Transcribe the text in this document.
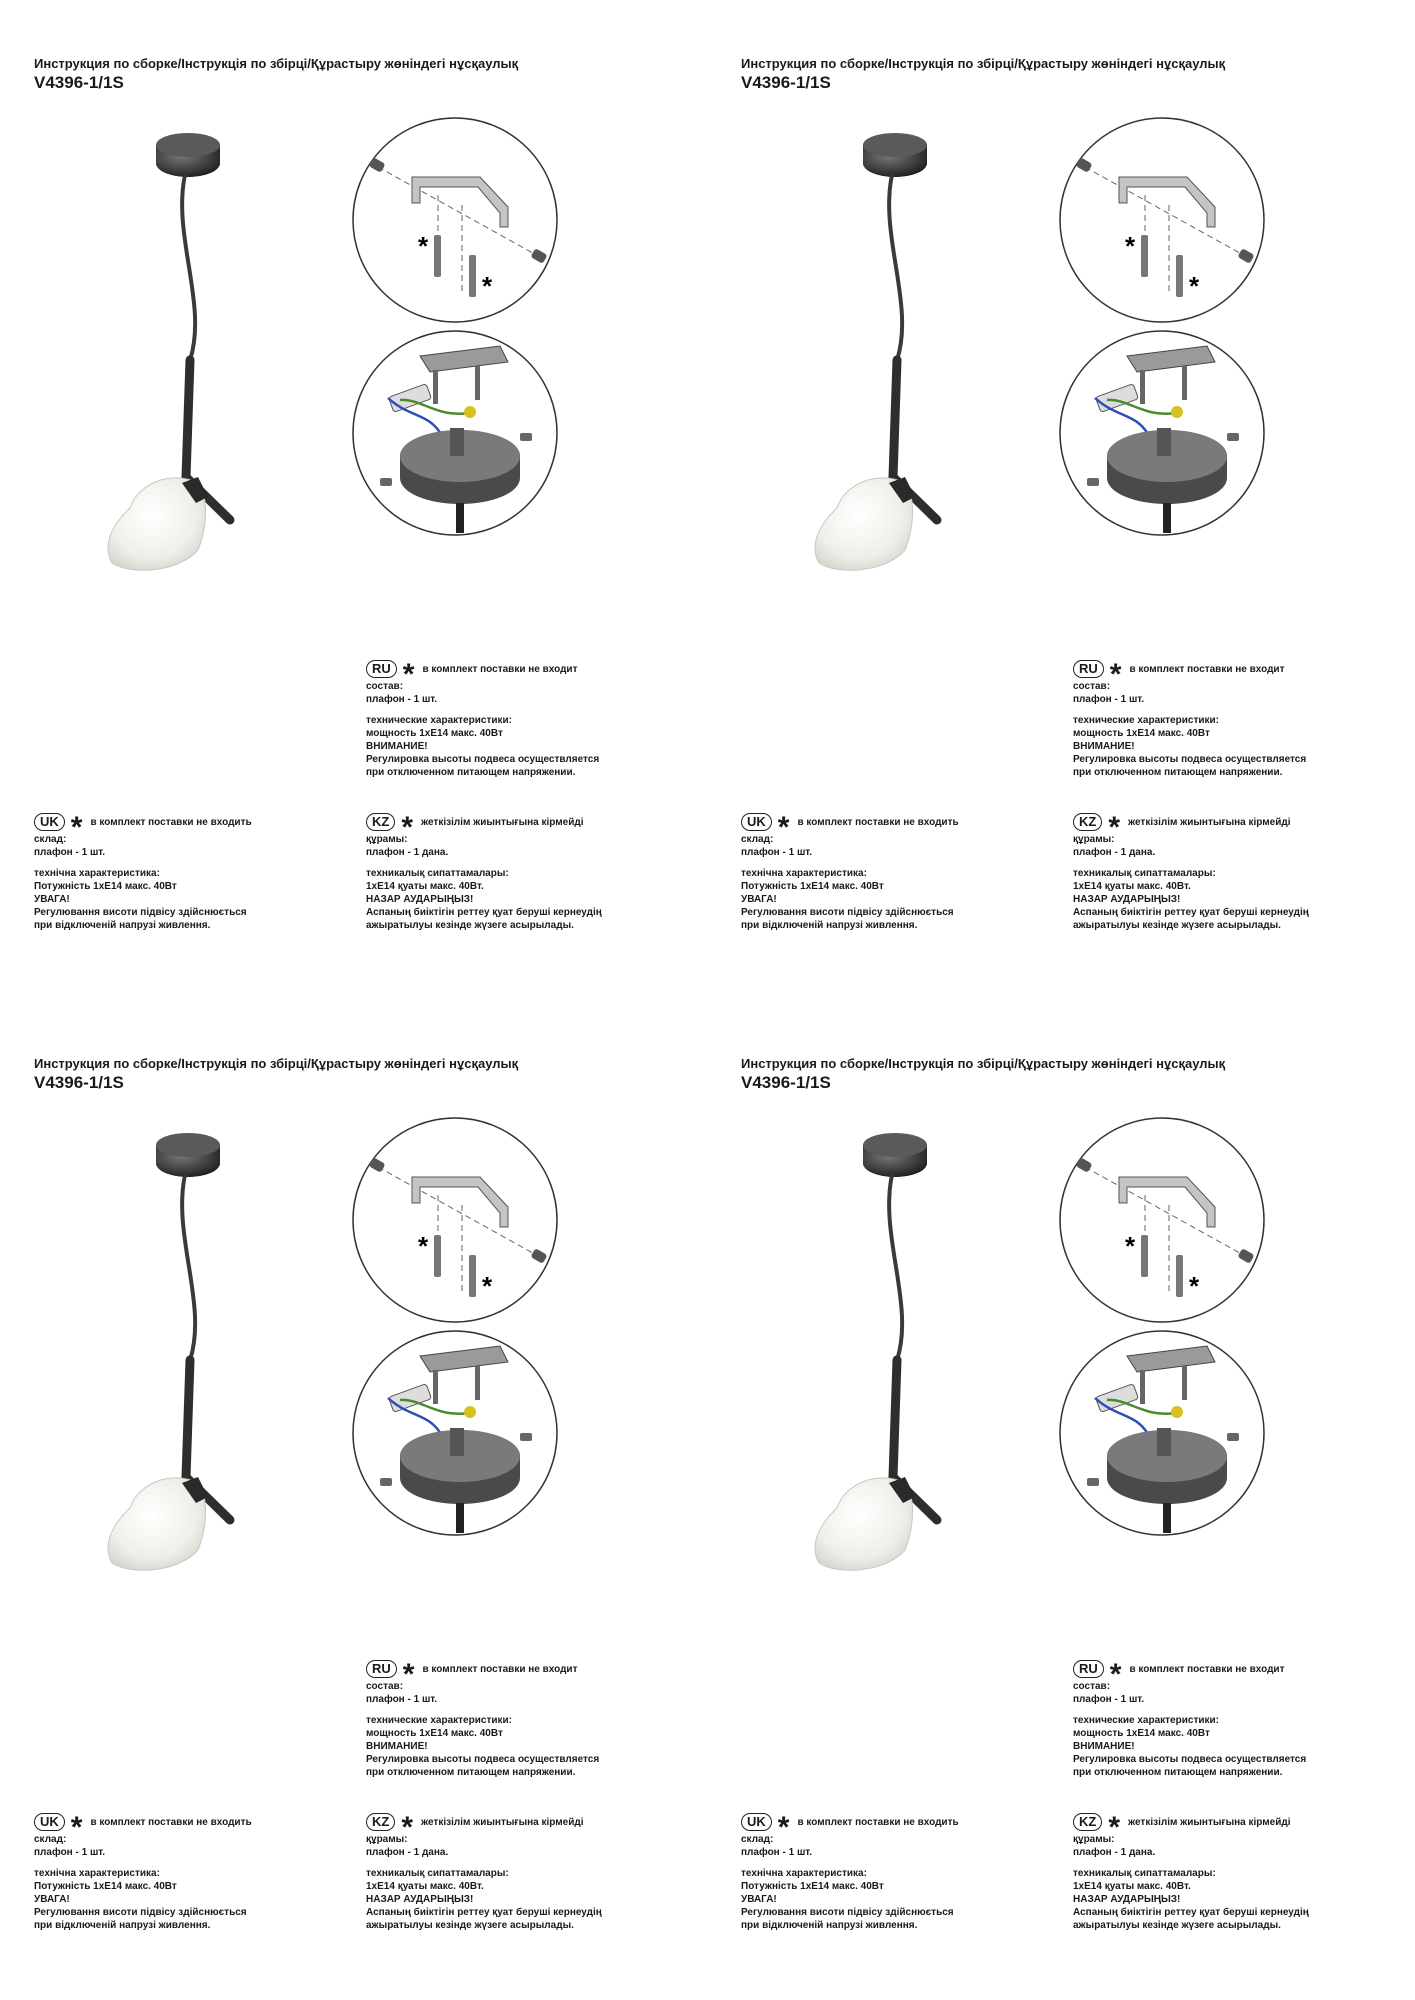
Инструкция по сборке/Інструкція по збірці/Құрастыру жөніндегі нұсқаулық
V4396-1/1S
*
*
RU * в комплект поставки не входит
состав:
плафон - 1 шт.
технические характеристики:
мощность 1хЕ14 макс. 40Вт
ВНИМАНИЕ!
Регулировка высоты подвеса осуществляется
при отключенном питающем напряжении.
UK * в комплект поставки не входить
склад:
плафон - 1 шт.
технічна характеристика:
Потужність 1хЕ14 макс. 40Вт
УВАГА!
Регулювання висоти підвісу здійснюється
при відключеній напрузі живлення.
KZ * жеткізілім жиынтығына кірмейді
құрамы:
плафон - 1 дана.
техникалық сипаттамалары:
1хЕ14 қуаты макс. 40Вт.
НАЗАР АУДАРЫҢЫЗ!
Аспаның биіктігін реттеу қуат беруші кернеудің
ажыратылуы кезінде жүзеге асырылады.
Инструкция по сборке/Інструкція по збірці/Құрастыру жөніндегі нұсқаулық
V4396-1/1S
*
*
RU * в комплект поставки не входит
состав:
плафон - 1 шт.
технические характеристики:
мощность 1хЕ14 макс. 40Вт
ВНИМАНИЕ!
Регулировка высоты подвеса осуществляется
при отключенном питающем напряжении.
UK * в комплект поставки не входить
склад:
плафон - 1 шт.
технічна характеристика:
Потужність 1хЕ14 макс. 40Вт
УВАГА!
Регулювання висоти підвісу здійснюється
при відключеній напрузі живлення.
KZ * жеткізілім жиынтығына кірмейді
құрамы:
плафон - 1 дана.
техникалық сипаттамалары:
1хЕ14 қуаты макс. 40Вт.
НАЗАР АУДАРЫҢЫЗ!
Аспаның биіктігін реттеу қуат беруші кернеудің
ажыратылуы кезінде жүзеге асырылады.
Инструкция по сборке/Інструкція по збірці/Құрастыру жөніндегі нұсқаулық
V4396-1/1S
*
*
RU * в комплект поставки не входит
состав:
плафон - 1 шт.
технические характеристики:
мощность 1хЕ14 макс. 40Вт
ВНИМАНИЕ!
Регулировка высоты подвеса осуществляется
при отключенном питающем напряжении.
UK * в комплект поставки не входить
склад:
плафон - 1 шт.
технічна характеристика:
Потужність 1хЕ14 макс. 40Вт
УВАГА!
Регулювання висоти підвісу здійснюється
при відключеній напрузі живлення.
KZ * жеткізілім жиынтығына кірмейді
құрамы:
плафон - 1 дана.
техникалық сипаттамалары:
1хЕ14 қуаты макс. 40Вт.
НАЗАР АУДАРЫҢЫЗ!
Аспаның биіктігін реттеу қуат беруші кернеудің
ажыратылуы кезінде жүзеге асырылады.
Инструкция по сборке/Інструкція по збірці/Құрастыру жөніндегі нұсқаулық
V4396-1/1S
*
*
RU * в комплект поставки не входит
состав:
плафон - 1 шт.
технические характеристики:
мощность 1хЕ14 макс. 40Вт
ВНИМАНИЕ!
Регулировка высоты подвеса осуществляется
при отключенном питающем напряжении.
UK * в комплект поставки не входить
склад:
плафон - 1 шт.
технічна характеристика:
Потужність 1хЕ14 макс. 40Вт
УВАГА!
Регулювання висоти підвісу здійснюється
при відключеній напрузі живлення.
KZ * жеткізілім жиынтығына кірмейді
құрамы:
плафон - 1 дана.
техникалық сипаттамалары:
1хЕ14 қуаты макс. 40Вт.
НАЗАР АУДАРЫҢЫЗ!
Аспаның биіктігін реттеу қуат беруші кернеудің
ажыратылуы кезінде жүзеге асырылады.
